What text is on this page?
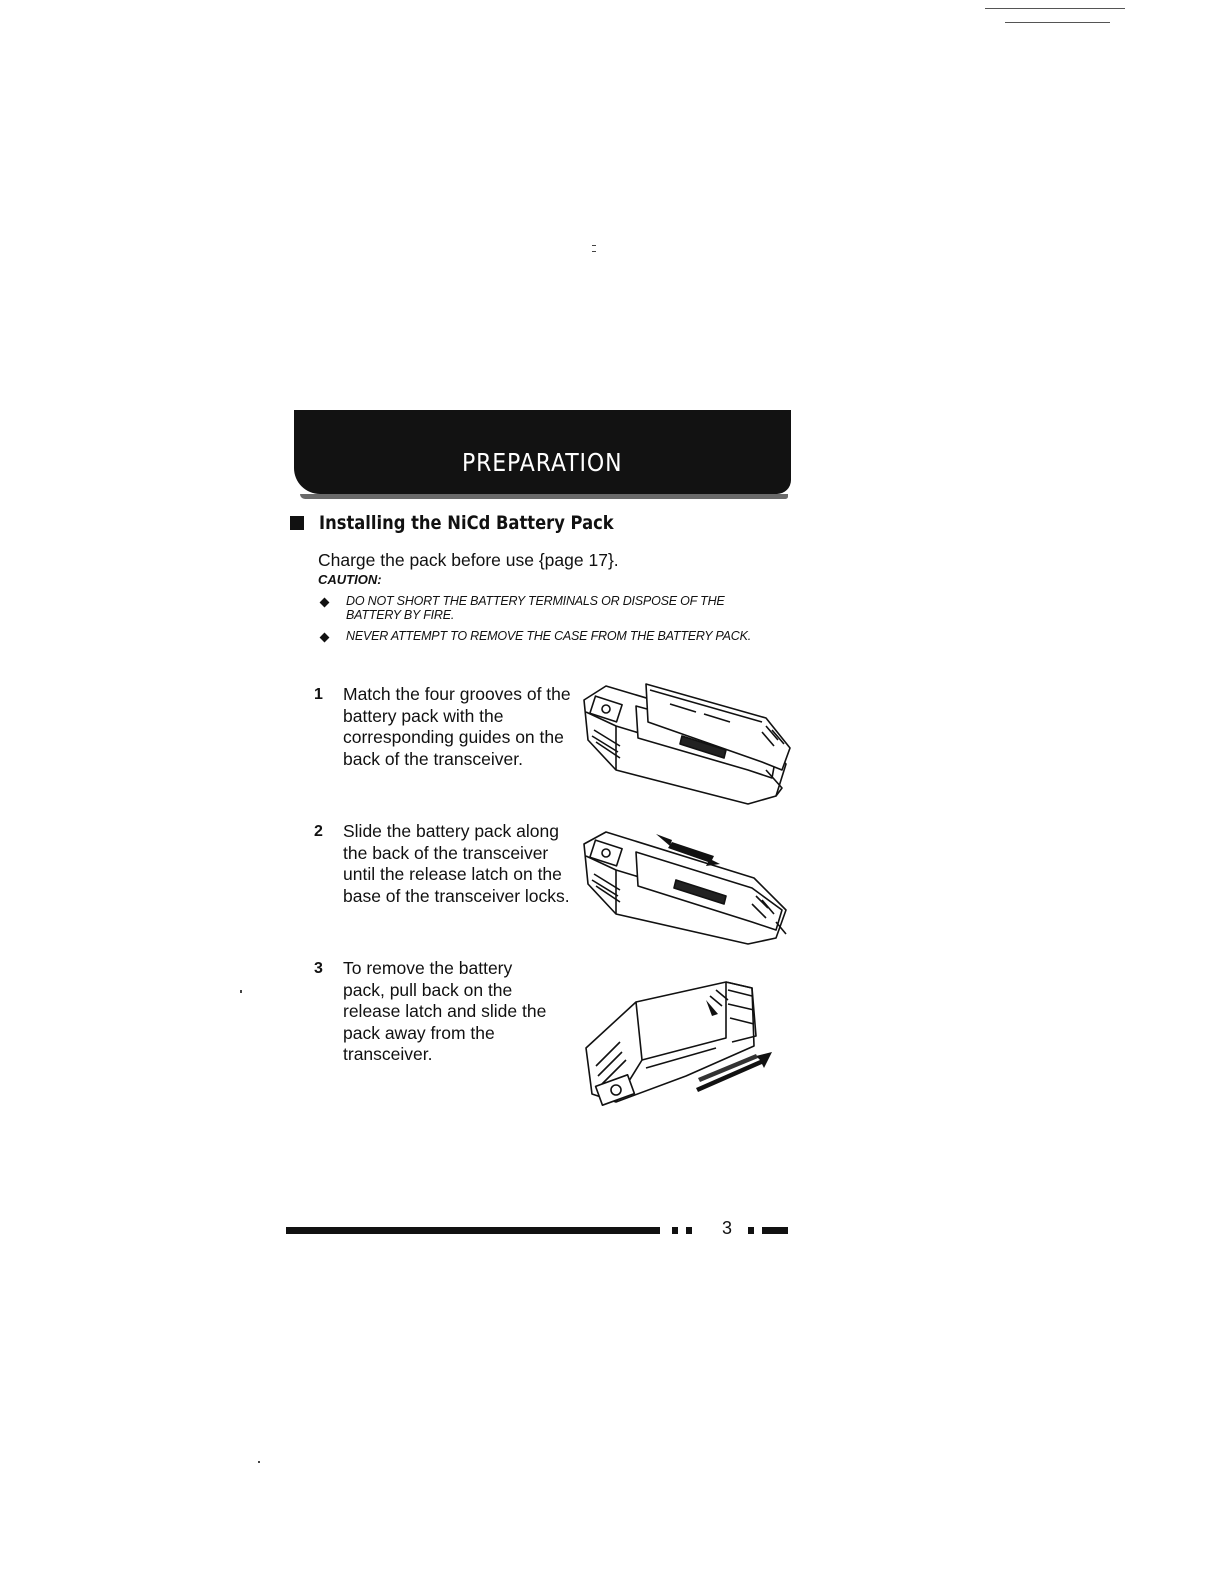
PREPARATION
Installing the NiCd Battery Pack
Charge the pack before use {page 17}.
CAUTION:
DO NOT SHORT THE BATTERY TERMINALS OR DISPOSE OF THE BATTERY BY FIRE.
NEVER ATTEMPT TO REMOVE THE CASE FROM THE BATTERY PACK.
1	Match the four grooves of the battery pack with the corresponding guides on the back of the transceiver.
2	Slide the battery pack along the back of the transceiver until the release latch on the base of the transceiver locks.
3	To remove the battery pack, pull back on the release latch and slide the pack away from the transceiver.
3
